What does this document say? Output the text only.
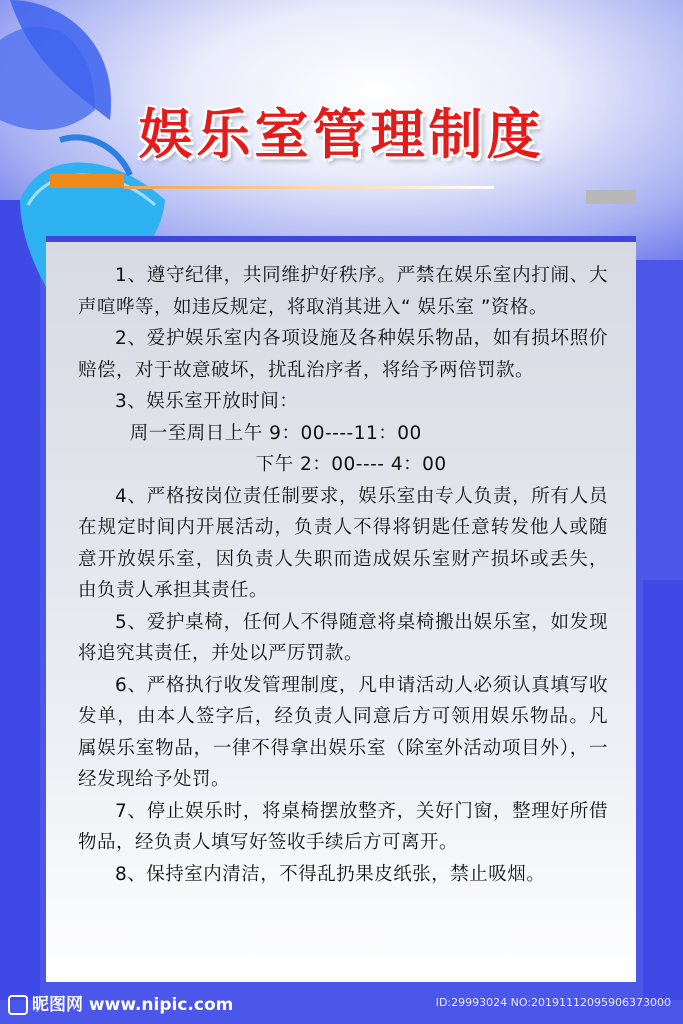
娱乐室管理制度

1、遵守纪律，共同维护好秩序。严禁在娱乐室内打闹、大声喧哗等，如违反规定，将取消其进入“ 娱乐室 ”资格。

2、爱护娱乐室内各项设施及各种娱乐物品，如有损坏照价赔偿，对于故意破坏，扰乱治序者，将给予两倍罚款。

3、娱乐室开放时间：

周一至周日上午 9：00----11：00

下午 2：00---- 4：00

4、严格按岗位责任制要求，娱乐室由专人负责，所有人员在规定时间内开展活动，负责人不得将钥匙任意转发他人或随意开放娱乐室，因负责人失职而造成娱乐室财产损坏或丢失，由负责人承担其责任。

5、爱护桌椅，任何人不得随意将桌椅搬出娱乐室，如发现将追究其责任，并处以严厉罚款。

6、严格执行收发管理制度，凡申请活动人必须认真填写收发单，由本人签字后，经负责人同意后方可领用娱乐物品。凡属娱乐室物品，一律不得拿出娱乐室（除室外活动项目外），一经发现给予处罚。

7、停止娱乐时，将桌椅摆放整齐，关好门窗，整理好所借物品，经负责人填写好签收手续后方可离开。

8、保持室内清洁，不得乱扔果皮纸张，禁止吸烟。

昵图网 www.nipic.com	ID:29993024 NO:20191112095906373000
